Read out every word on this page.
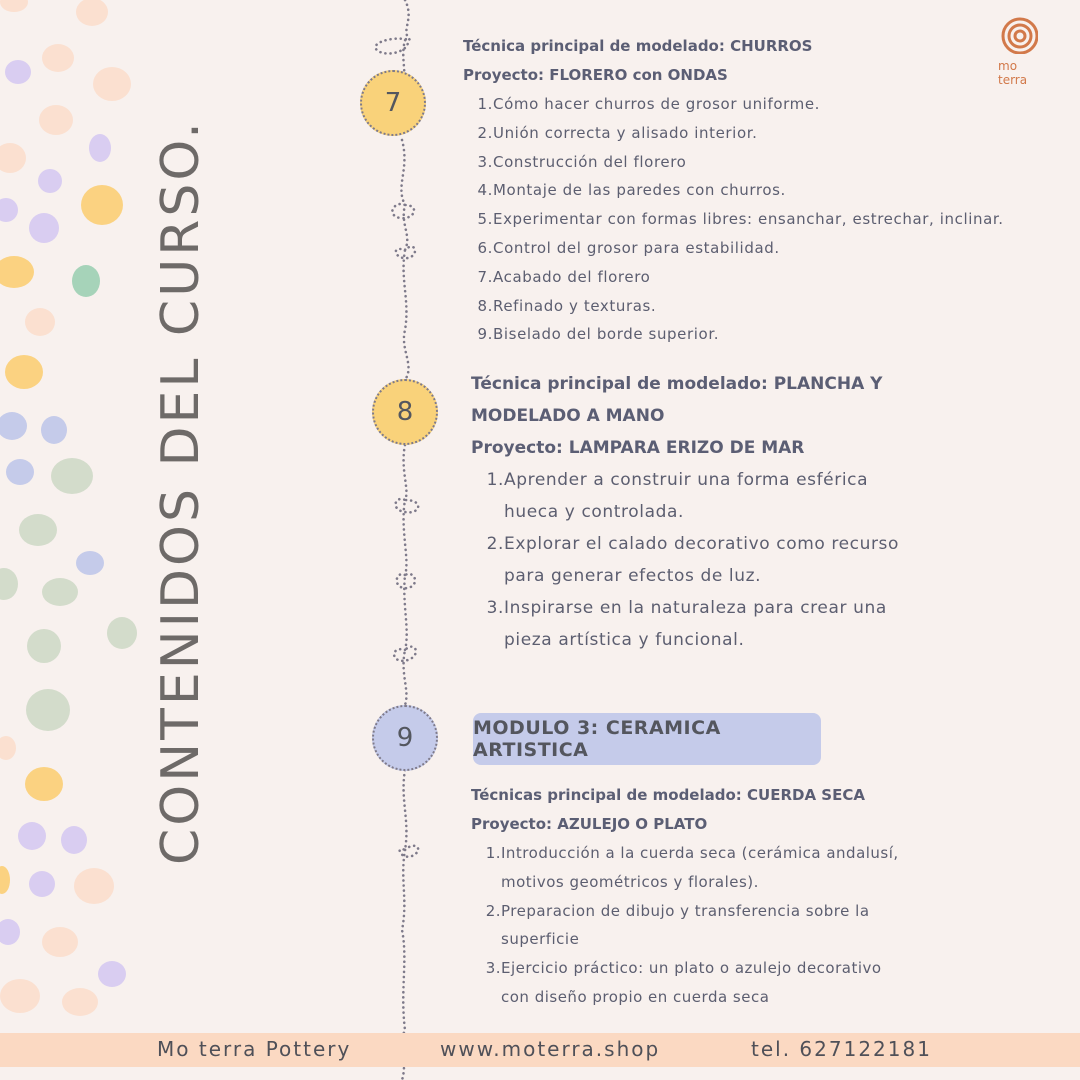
CONTENIDOS DEL CURSO.
7
8
9
Técnica principal de modelado: CHURROS
Proyecto: FLORERO con ONDAS
1. Cómo hacer churros de grosor uniforme.
2. Unión correcta y alisado interior.
3. Construcción del florero
4. Montaje de las paredes con churros.
5. Experimentar con formas libres: ensanchar, estrechar, inclinar.
6. Control del grosor para estabilidad.
7. Acabado del florero
8. Refinado y texturas.
9. Biselado del borde superior.
Técnica principal de modelado: PLANCHA Y
MODELADO A MANO
Proyecto: LAMPARA ERIZO DE MAR
1. Aprender a construir una forma esférica hueca y controlada.
2. Explorar el calado decorativo como recurso para generar efectos de luz.
3. Inspirarse en la naturaleza para crear una pieza artística y funcional.
MODULO 3: CERAMICA ARTISTICA
Técnicas principal de modelado: CUERDA SECA
Proyecto: AZULEJO O PLATO
1. Introducción a la cuerda seca (cerámica andalusí, motivos geométricos y florales).
2. Preparacion de dibujo y transferencia sobre la superficie
3. Ejercicio práctico: un plato o azulejo decorativo con diseño propio en cuerda seca
mo
terra
Mo terra Pottery	www.moterra.shop	tel. 627122181
